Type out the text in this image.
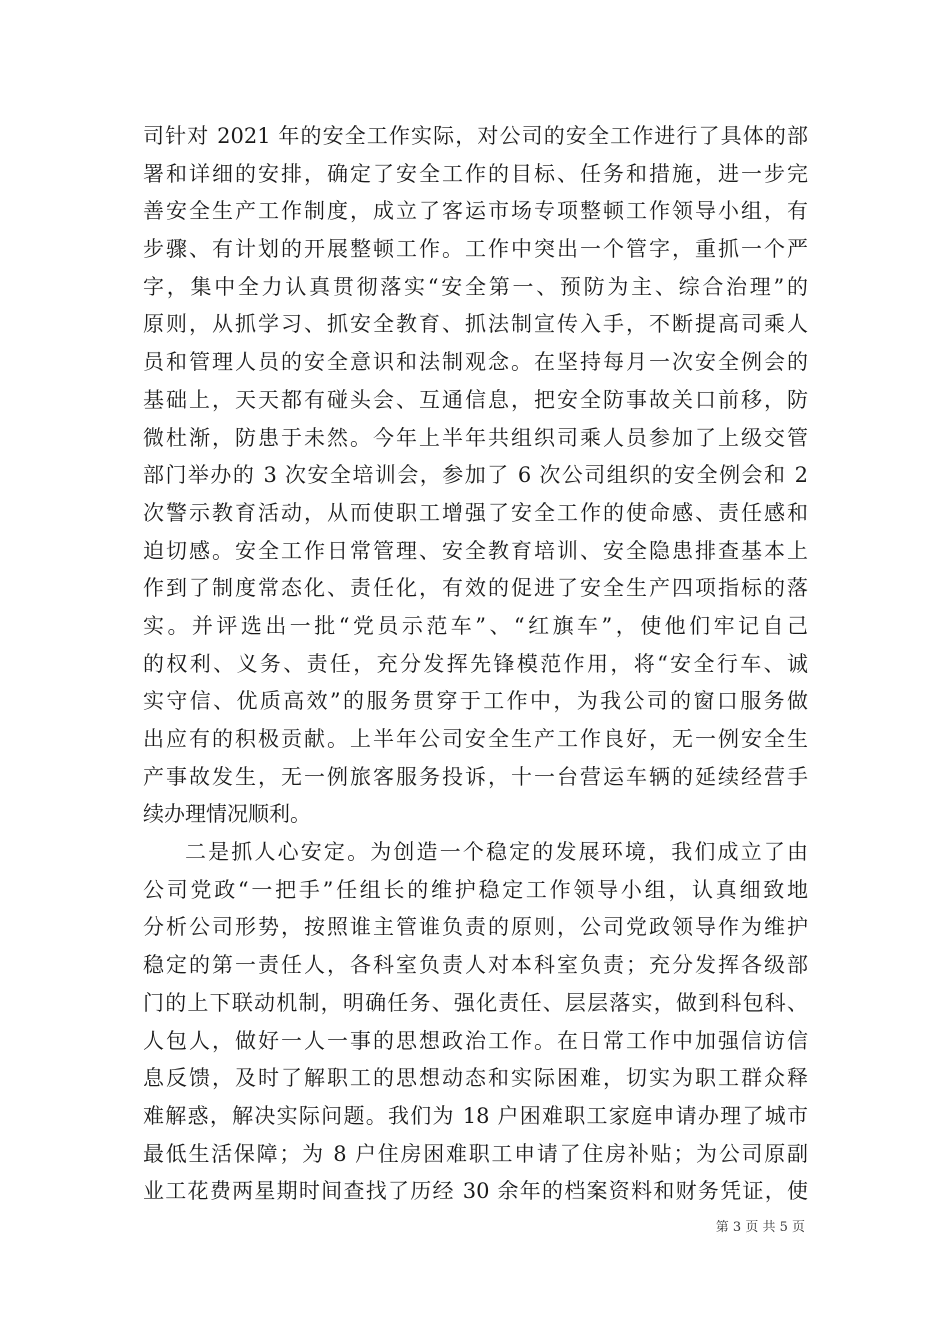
司针对 2021 年的安全工作实际，对公司的安全工作进行了具体的部
署和详细的安排，确定了安全工作的目标、任务和措施，进一步完
善安全生产工作制度，成立了客运市场专项整顿工作领导小组，有
步骤、有计划的开展整顿工作。工作中突出一个管字，重抓一个严
字，集中全力认真贯彻落实“安全第一、预防为主、综合治理”的
原则，从抓学习、抓安全教育、抓法制宣传入手，不断提高司乘人
员和管理人员的安全意识和法制观念。在坚持每月一次安全例会的
基础上，天天都有碰头会、互通信息，把安全防事故关口前移，防
微杜渐，防患于未然。今年上半年共组织司乘人员参加了上级交管
部门举办的 3 次安全培训会，参加了 6 次公司组织的安全例会和 2
次警示教育活动，从而使职工增强了安全工作的使命感、责任感和
迫切感。安全工作日常管理、安全教育培训、安全隐患排查基本上
作到了制度常态化、责任化，有效的促进了安全生产四项指标的落
实。并评选出一批“党员示范车”、“红旗车”，使他们牢记自己
的权利、义务、责任，充分发挥先锋模范作用，将“安全行车、诚
实守信、优质高效”的服务贯穿于工作中，为我公司的窗口服务做
出应有的积极贡献。上半年公司安全生产工作良好，无一例安全生
产事故发生，无一例旅客服务投诉，十一台营运车辆的延续经营手
续办理情况顺利。
二是抓人心安定。为创造一个稳定的发展环境，我们成立了由
公司党政“一把手”任组长的维护稳定工作领导小组，认真细致地
分析公司形势，按照谁主管谁负责的原则，公司党政领导作为维护
稳定的第一责任人，各科室负责人对本科室负责；充分发挥各级部
门的上下联动机制，明确任务、强化责任、层层落实，做到科包科、
人包人，做好一人一事的思想政治工作。在日常工作中加强信访信
息反馈，及时了解职工的思想动态和实际困难，切实为职工群众释
难解惑，解决实际问题。我们为 18 户困难职工家庭申请办理了城市
最低生活保障；为 8 户住房困难职工申请了住房补贴；为公司原副
业工花费两星期时间查找了历经 30 余年的档案资料和财务凭证，使
第 3 页 共 5 页
